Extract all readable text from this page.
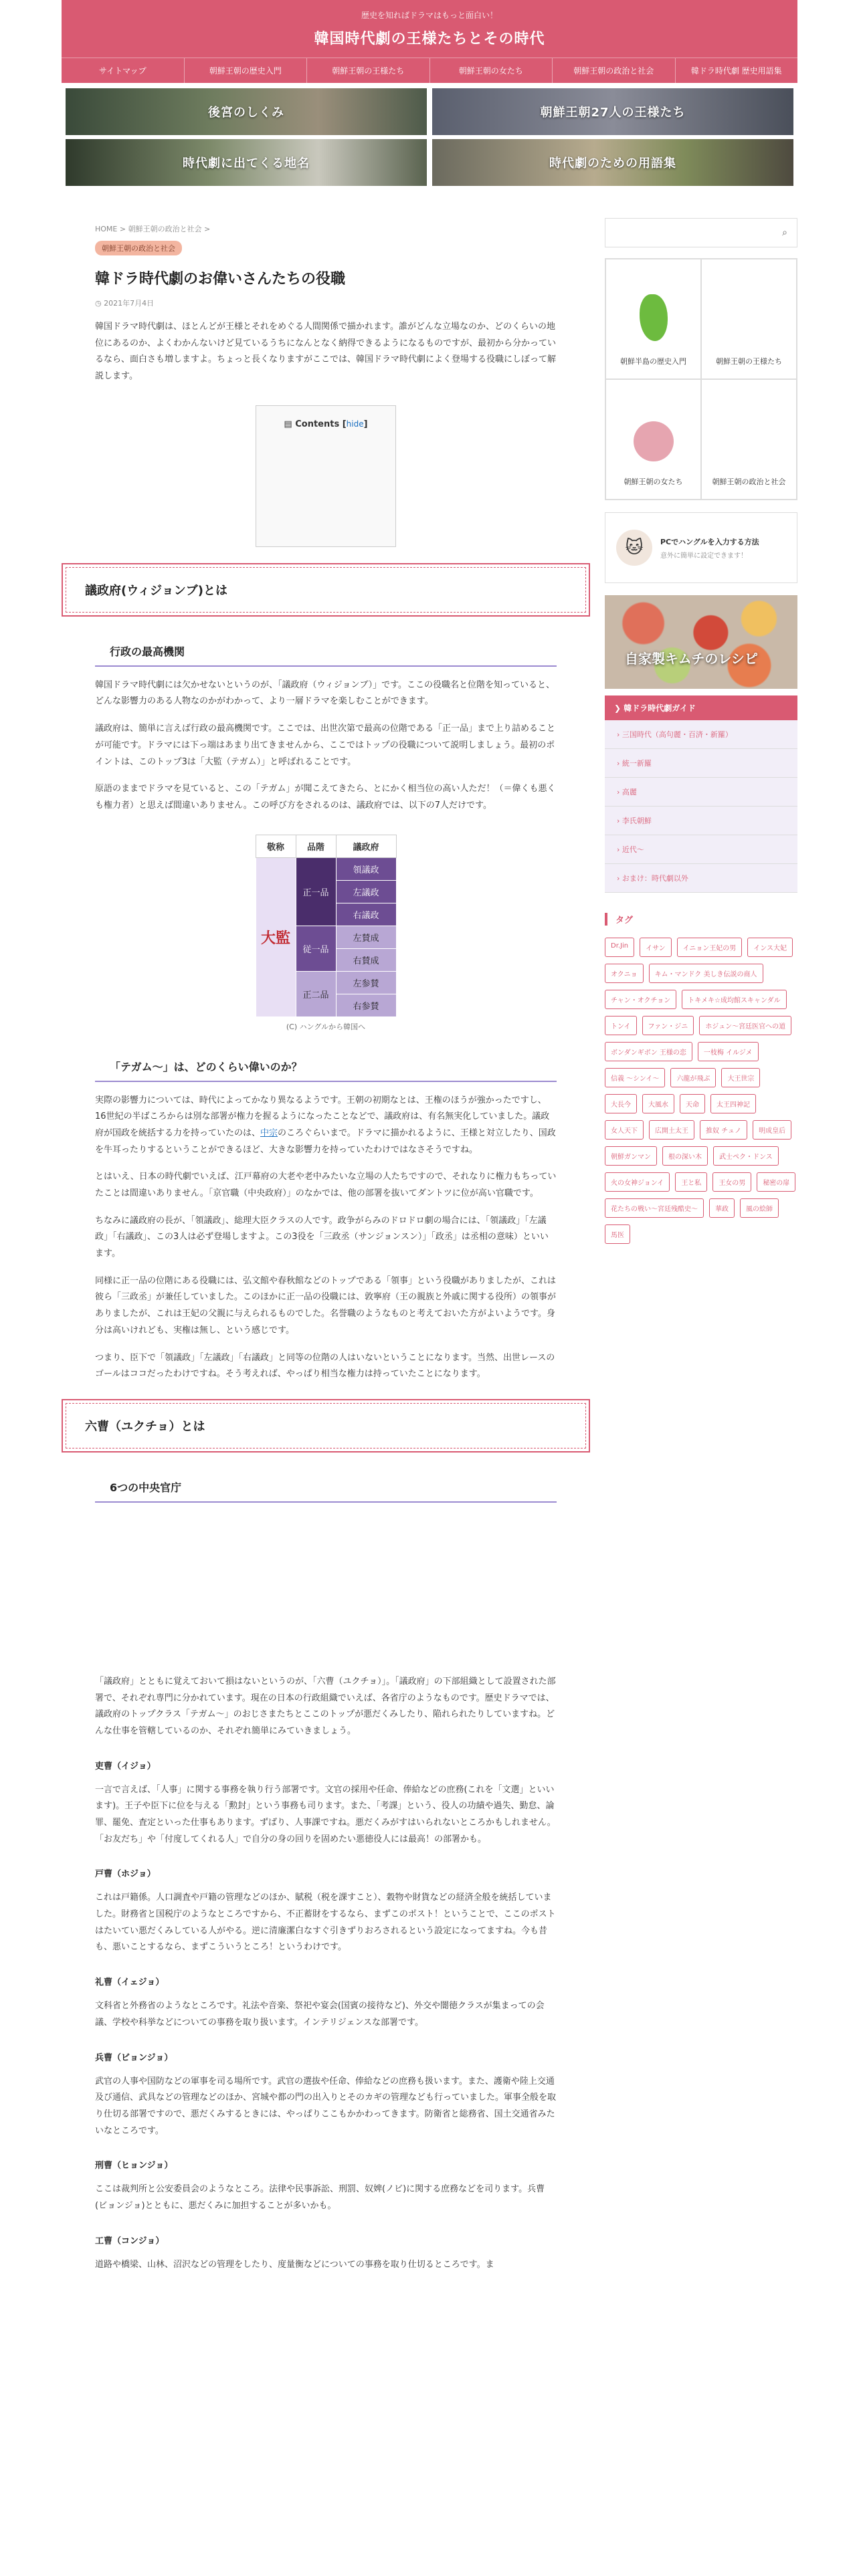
歴史を知ればドラマはもっと面白い！
韓国時代劇の王様たちとその時代
サイトマップ	朝鮮王朝の歴史入門	朝鮮王朝の王様たち	朝鮮王朝の女たち	朝鮮王朝の政治と社会	韓ドラ時代劇 歴史用語集
後宮のしくみ	朝鮮王朝27人の王様たち
時代劇に出てくる地名	時代劇のための用語集
HOME > 朝鮮王朝の政治と社会 >
朝鮮王朝の政治と社会
韓ドラ時代劇のお偉いさんたちの役職
◷ 2021年7月4日

韓国ドラマ時代劇は、ほとんどが王様とそれをめぐる人間関係で描かれます。誰がどんな立場なのか、どのくらいの地位にあるのか、よくわかんないけど見ているうちになんとなく納得できるようになるものですが、最初から分かっているなら、面白さも増しますよ。ちょっと長くなりますがここでは、韓国ドラマ時代劇によく登場する役職にしぼって解説します。

▤ Contents [hide]
議政府(ウィジョンブ)とは
行政の最高機関

韓国ドラマ時代劇には欠かせないというのが、「議政府（ウィジョンブ）」です。ここの役職名と位階を知っていると、どんな影響力のある人物なのかがわかって、より一層ドラマを楽しむことができます。

議政府は、簡単に言えば行政の最高機関です。ここでは、出世次第で最高の位階である「正一品」まで上り詰めることが可能です。ドラマには下っ端はあまり出てきませんから、ここではトップの役職について説明しましょう。最初のポイントは、このトップ3は「大監（テガム）」と呼ばれることです。

原語のままでドラマを見ていると、この「テガム」が聞こえてきたら、とにかく相当位の高い人ただ！（＝偉くも悪くも権力者）と思えば間違いありません。この呼び方をされるのは、議政府では、以下の7人だけです。

敬称	品階	議政府
大監	正一品	領議政
		左議政
		右議政
	従一品	左賛成
		右賛成
	正二品	左参賛
		右参賛
(C) ハングルから韓国へ
「テガム～」は、どのくらい偉いのか？

実際の影響力については、時代によってかなり異なるようです。王朝の初期なとは、王権のほうが強かったですし、16世紀の半ばころからは別な部署が権力を握るようになったことなどで、議政府は、有名無実化していました。議政府が国政を統括する力を持っていたのは、中宗のころぐらいまで。ドラマに描かれるように、王様と対立したり、国政を牛耳ったりするということができるほど、大きな影響力を持っていたわけではなさそうですね。

とはいえ、日本の時代劇でいえば、江戸幕府の大老や老中みたいな立場の人たちですので、それなりに権力もちっていたことは間違いありません。「京官職（中央政府）」のなかでは、他の部署を抜いてダントツに位が高い官職です。

ちなみに議政府の長が、「領議政」、総理大臣クラスの人です。政争がらみのドロドロ劇の場合には、「領議政」「左議政」「右議政」、この3人は必ず登場しますよ。この3役を「三政丞（サンジョンスン）」「政丞」は丞相の意味）といいます。

同様に正一品の位階にある役職には、弘文館や春秋館などのトップである「領事」という役職がありましたが、これは彼ら「三政丞」が兼任していました。このほかに正一品の役職には、敦寧府（王の親族と外戚に関する役所）の領事がありましたが、これは王妃の父親に与えられるものでした。名誉職のようなものと考えておいた方がよいようです。身分は高いけれども、実権は無し、という感じです。

つまり、臣下で「領議政」「左議政」「右議政」と同等の位階の人はいないということになります。当然、出世レースのゴールはココだったわけですね。そう考えれば、やっぱり相当な権力は持っていたことになります。

六曹（ユクチョ）とは
6つの中央官庁

「議政府」とともに覚えておいて損はないというのが、「六曹（ユクチョ）」。「議政府」の下部組織として設置された部署で、それぞれ専門に分かれています。現在の日本の行政組織でいえば、各省庁のようなものです。歴史ドラマでは、議政府のトップクラス「テガム～」のおじさまたちとここのトップが悪だくみしたり、陥れられたりしていますね。どんな仕事を管轄しているのか、それぞれ簡単にみていきましょう。

吏曹（イジョ）

一言で言えば、「人事」に関する事務を執り行う部署です。文官の採用や任命、俸給などの庶務(これを「文選」といいます)。王子や臣下に位を与える「勲封」という事務も司ります。また、「考課」という、役人の功績や過失、勤怠、論罪、罷免、査定といった仕事もあります。ずばり、人事課ですね。悪だくみがすはいられないところかもしれません。「お友だち」や「付度してくれる人」で自分の身の回りを固めたい悪徳役人には最高！の部署かも。

戸曹（ホジョ）

これは戸籍係。人口調査や戸籍の管理などのほか、賦税（税を課すこと）、穀物や財貨などの経済全般を統括していました。財務省と国税庁のようなところですから、不正蓄財をするなら、まずこのポスト！ということで、ここのポストはたいてい悪だくみしている人がやる。逆に清廉潔白なすぐ引きずりおろされるという設定になってますね。今も昔も、悪いことするなら、まずこういうところ！というわけです。

礼曹（イェジョ）

文科省と外務省のようなところです。礼法や音楽、祭祀や宴会(国賓の接待など)、外交や闇徳クラスが集まっての会議、学校や科挙などについての事務を取り扱います。インテリジェンスな部署です。

兵曹（ビョンジョ）

武官の人事や国防などの軍事を司る場所です。武官の選抜や任命、俸給などの庶務も扱います。また、護衛や陸上交通及び通信、武具などの管理などのほか、宮城や都の門の出入りとそのカギの管理なども行っていました。軍事全般を取り仕切る部署ですので、悪だくみするときには、やっぱりここもかかわってきます。防衛省と総務省、国土交通省みたいなところです。

刑曹（ヒョンジョ）

ここは裁判所と公安委員会のようなところ。法律や民事訴訟、刑罰、奴婢(ノビ)に関する庶務などを司ります。兵曹(ビョンジョ)とともに、悪だくみに加担することが多いかも。

工曹（コンジョ）

道路や橋梁、山林、沼沢などの管理をしたり、度量衡などについての事務を取り仕切るところです。ま

⌕
朝鮮半島の歴史入門	朝鮮王朝の王様たち
朝鮮王朝の女たち	朝鮮王朝の政治と社会
🐱	PCでハングルを入力する方法
意外に簡単に設定できます！
自家製キムチのレシピ
❯ 韓ドラ時代劇ガイド
› 三国時代（高句麗・百済・新羅）
› 統一新羅
› 高麗
› 李氏朝鮮
› 近代〜
› おまけ：時代劇以外
タグ
Dr.Jin	イサン	イニョン王妃の男	インス大妃
オクニョ	キム・マンドク 美しき伝説の商人
チャン・オクチョン	トキメキ☆成均館スキャンダル
トンイ	ファン・ジニ	ホジュン〜宮廷医官への道
ボンダンギボン 王様の恋	一枝梅 イルジメ
信義 〜シンイ〜	六龍が飛ぶ	大王世宗
大長今	大風水	天命	太王四神記
女人天下	広開土太王	推奴 チュノ	明成皇后
朝鮮ガンマン	根の深い木	武士ペク・ドンス
火の女神ジョンイ	王と私	王女の男	秘密の扉
花たちの戦い〜宮廷残酷史〜	華政	風の絵師
馬医
